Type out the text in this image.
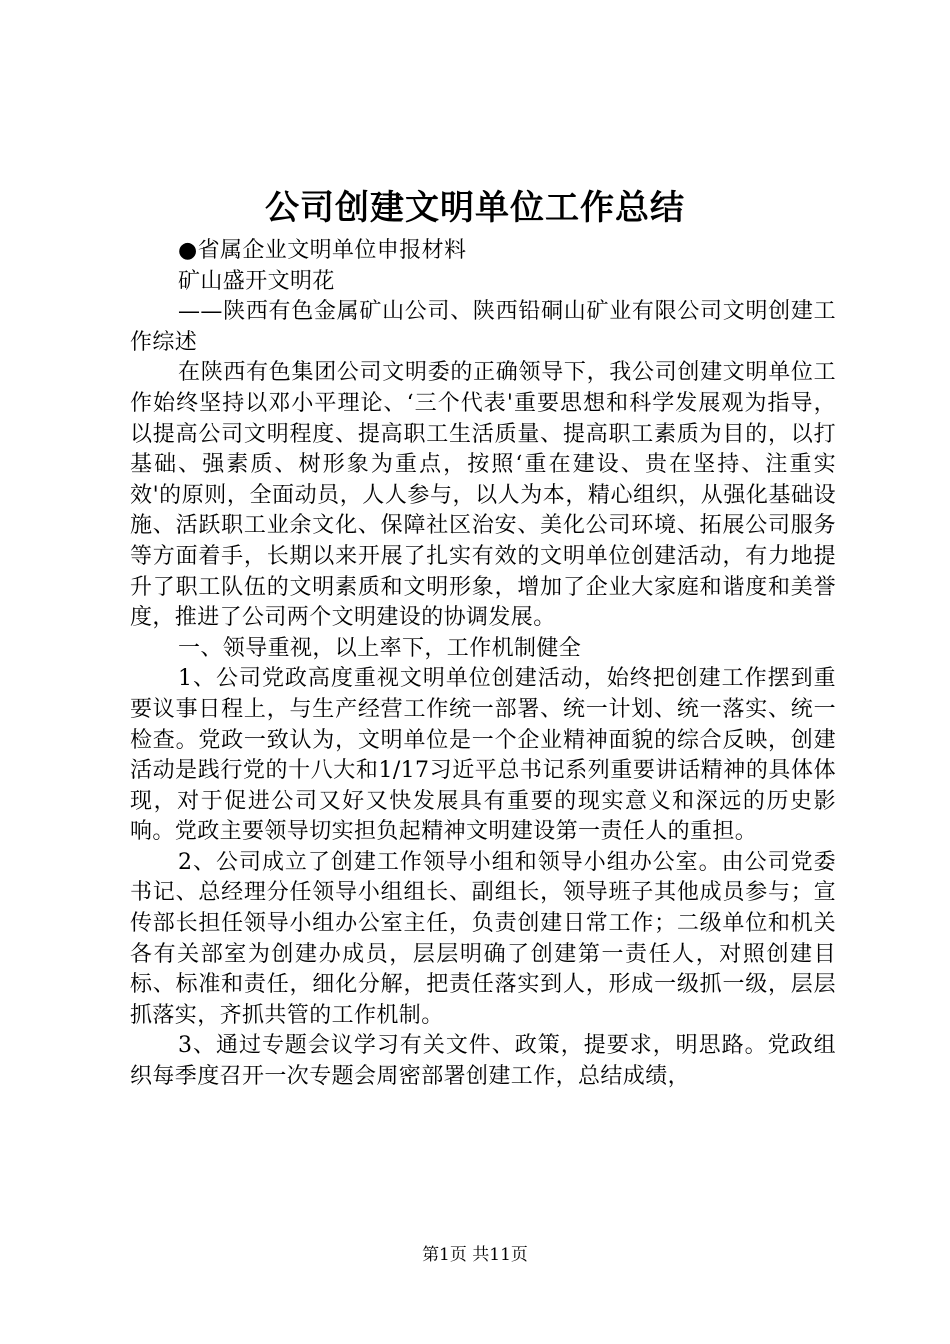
公司创建文明单位工作总结

●省属企业文明单位申报材料

矿山盛开文明花

——陕西有色金属矿山公司、陕西铅硐山矿业有限公司文明创建工作综述

在陕西有色集团公司文明委的正确领导下，我公司创建文明单位工作始终坚持以邓小平理论、‘三个代表'重要思想和科学发展观为指导，以提高公司文明程度、提高职工生活质量、提高职工素质为目的，以打基础、强素质、树形象为重点，按照‘重在建设、贵在坚持、注重实效'的原则，全面动员，人人参与，以人为本，精心组织，从强化基础设施、活跃职工业余文化、保障社区治安、美化公司环境、拓展公司服务等方面着手，长期以来开展了扎实有效的文明单位创建活动，有力地提升了职工队伍的文明素质和文明形象，增加了企业大家庭和谐度和美誉度，推进了公司两个文明建设的协调发展。

一、领导重视，以上率下，工作机制健全

1、公司党政高度重视文明单位创建活动，始终把创建工作摆到重要议事日程上，与生产经营工作统一部署、统一计划、统一落实、统一检查。党政一致认为，文明单位是一个企业精神面貌的综合反映，创建活动是践行党的十八大和1/17习近平总书记系列重要讲话精神的具体体现，对于促进公司又好又快发展具有重要的现实意义和深远的历史影响。党政主要领导切实担负起精神文明建设第一责任人的重担。

2、公司成立了创建工作领导小组和领导小组办公室。由公司党委书记、总经理分任领导小组组长、副组长，领导班子其他成员参与；宣传部长担任领导小组办公室主任，负责创建日常工作；二级单位和机关各有关部室为创建办成员，层层明确了创建第一责任人，对照创建目标、标准和责任，细化分解，把责任落实到人，形成一级抓一级，层层抓落实，齐抓共管的工作机制。

3、通过专题会议学习有关文件、政策，提要求，明思路。党政组织每季度召开一次专题会周密部署创建工作，总结成绩，

第1页 共11页
